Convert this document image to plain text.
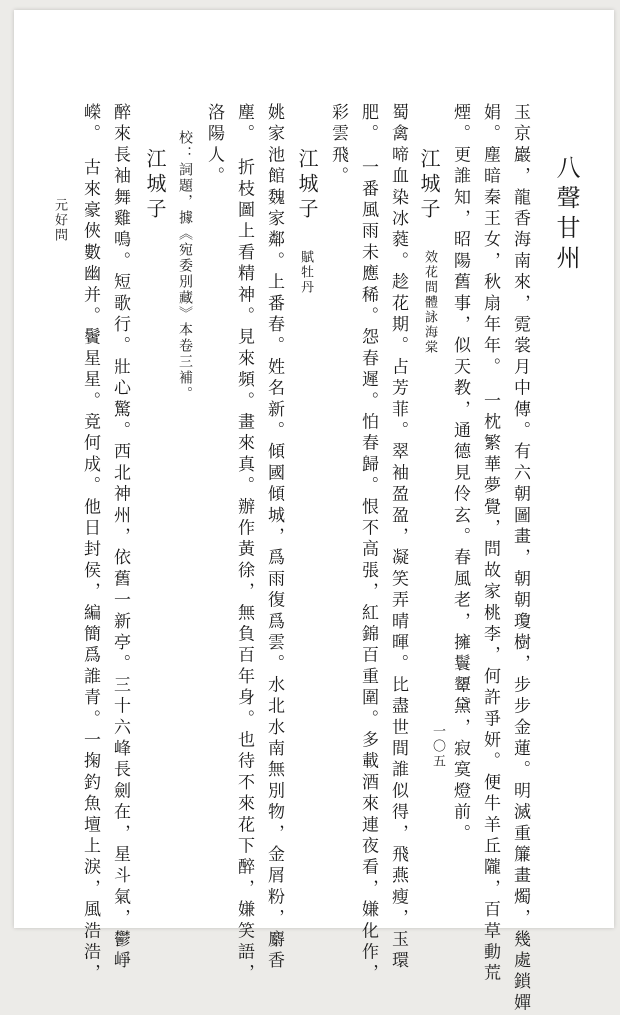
八聲甘州
玉京巖，龍香海南來，霓裳月中傳。有六朝圖畫，朝朝瓊樹，步步金蓮。明滅重簾畫燭，幾處鎖嬋
娟。塵暗秦王女，秋扇年年。　一枕繁華夢覺，問故家桃李，何許爭妍。便牛羊丘隴，百草動荒
煙。更誰知，昭陽舊事，似天教，通德見伶玄。春風老，擁鬟顰黛，寂寞燈前。
江城子
效花間體詠海棠
蜀禽啼血染冰蕤。趁花期。占芳菲。翠袖盈盈，凝笑弄晴暉。比盡世間誰似得，飛燕瘦，玉環
肥。　一番風雨未應稀。怨春遲。怕春歸。恨不高張，紅錦百重圍。多載酒來連夜看，嫌化作，
彩雲飛。
江城子
賦牡丹
姚家池館魏家鄰。上番春。姓名新。傾國傾城，爲雨復爲雲。水北水南無別物，金屑粉，麝香
塵。　折枝圖上看精神。見來頻。畫來真。辦作黃徐，無負百年身。也待不來花下醉，嫌笑語，
洛陽人。
校：詞題，據《宛委別藏》本卷三補。
江城子
醉來長袖舞雞鳴。短歌行。壯心驚。西北神州，依舊一新亭。三十六峰長劍在，星斗氣，鬱崢
嶸。　古來豪俠數幽并。鬢星星。竟何成。他日封侯，編簡爲誰青。一掬釣魚壇上淚，風浩浩，
元好問
一〇五
